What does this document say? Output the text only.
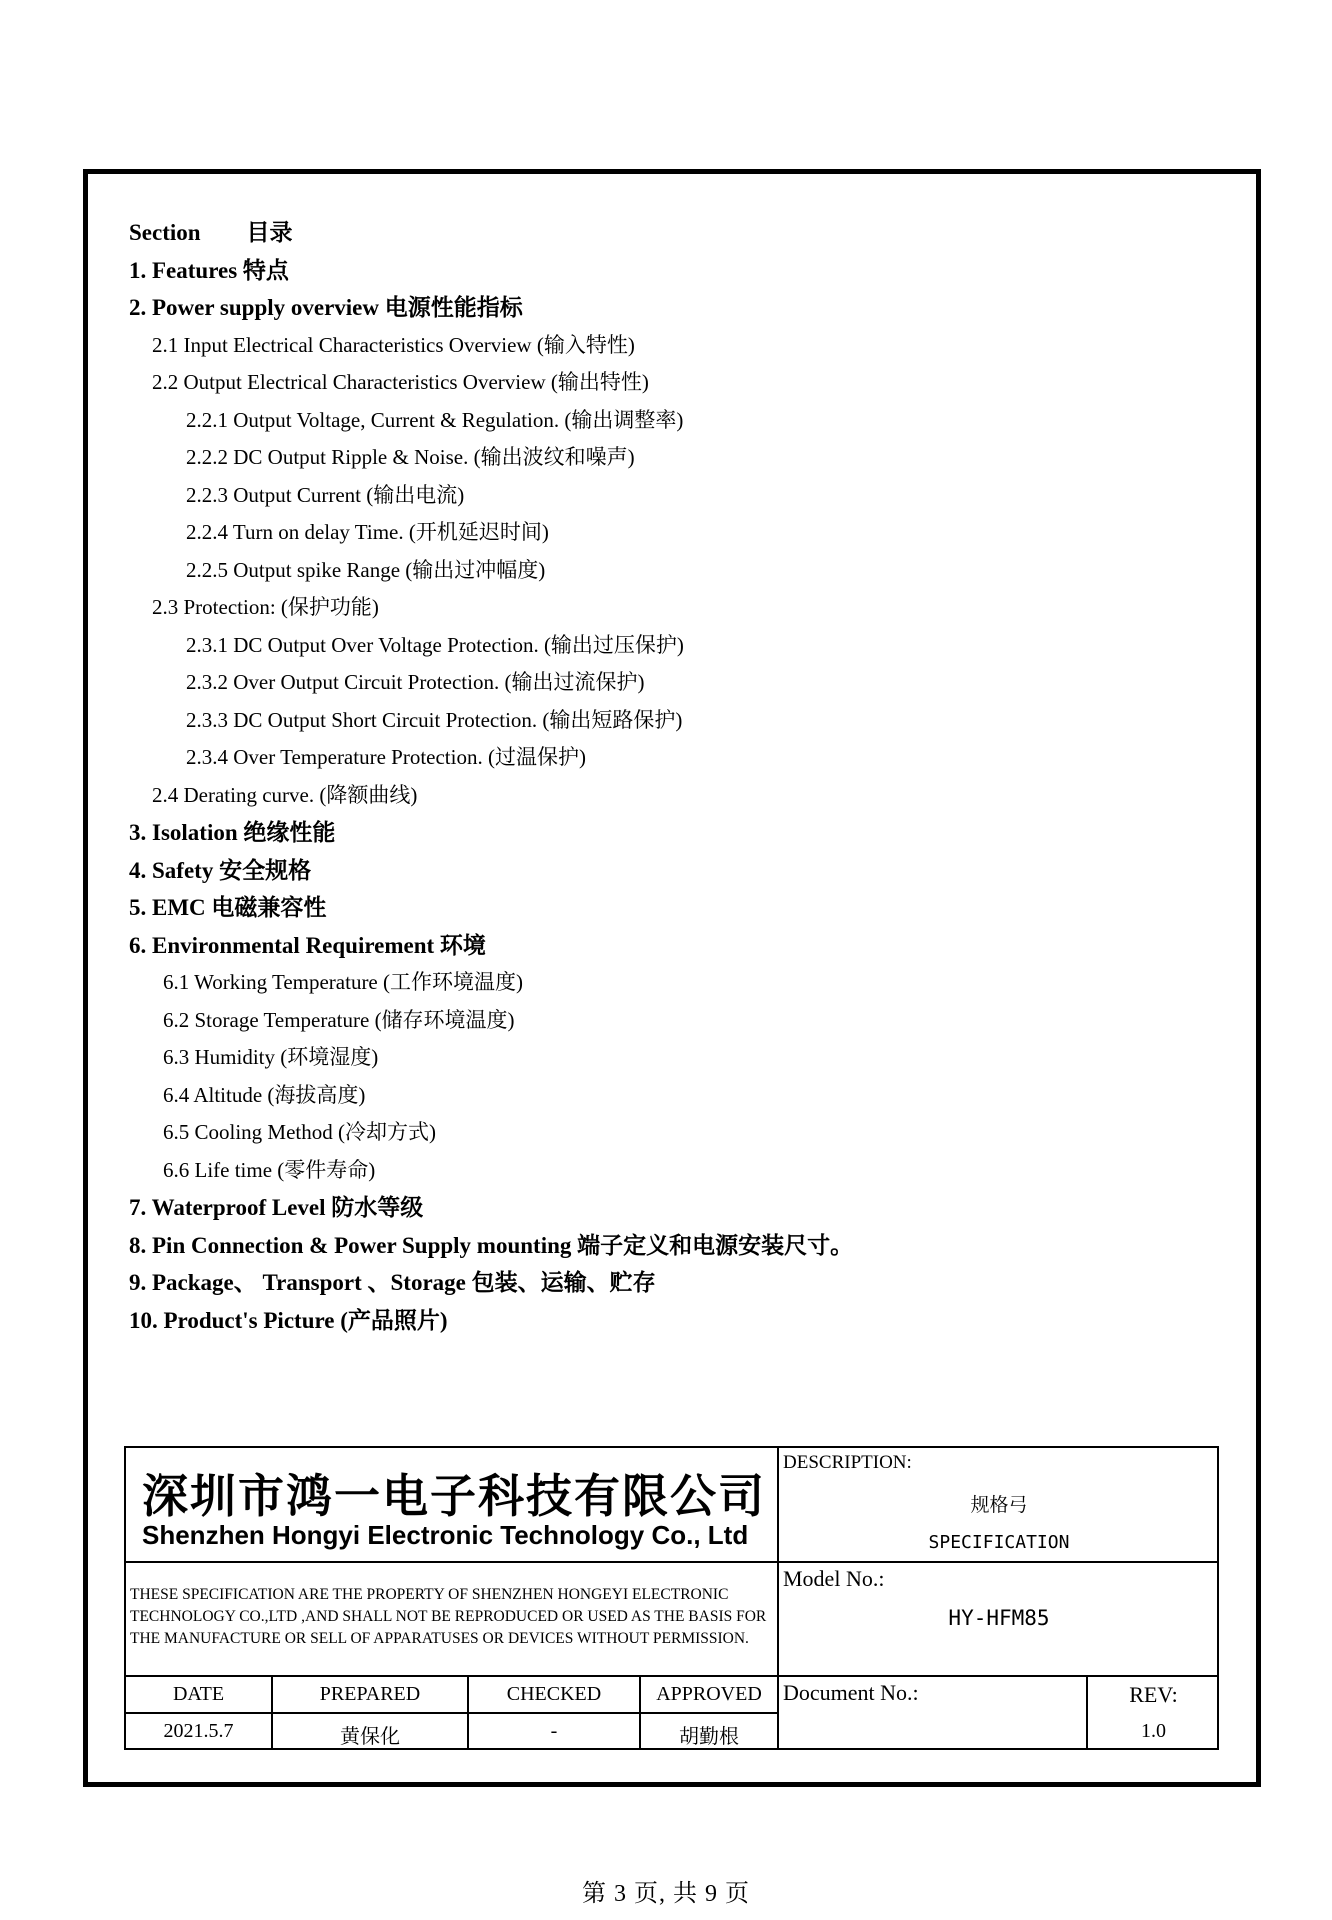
Section　　目录
1. Features 特点
2. Power supply overview 电源性能指标
2.1 Input Electrical Characteristics Overview (输入特性)
2.2 Output Electrical Characteristics Overview (输出特性)
2.2.1 Output Voltage, Current & Regulation. (输出调整率)
2.2.2 DC Output Ripple & Noise. (输出波纹和噪声)
2.2.3 Output Current (输出电流)
2.2.4 Turn on delay Time. (开机延迟时间)
2.2.5 Output spike Range (输出过冲幅度)
2.3 Protection: (保护功能)
2.3.1 DC Output Over Voltage Protection. (输出过压保护)
2.3.2 Over Output Circuit Protection. (输出过流保护)
2.3.3 DC Output Short Circuit Protection. (输出短路保护)
2.3.4 Over Temperature Protection. (过温保护)
2.4 Derating curve. (降额曲线)
3. Isolation 绝缘性能
4. Safety 安全规格
5. EMC 电磁兼容性
6. Environmental Requirement 环境
6.1 Working Temperature (工作环境温度)
6.2 Storage Temperature (储存环境温度)
6.3 Humidity (环境湿度)
6.4 Altitude (海拔高度)
6.5 Cooling Method (冷却方式)
6.6 Life time (零件寿命)
7. Waterproof Level 防水等级
8. Pin Connection & Power Supply mounting 端子定义和电源安装尺寸。
9. Package、 Transport 、Storage 包装、运输、贮存
10. Product's Picture (产品照片)
深圳市鸿一电子科技有限公司
Shenzhen Hongyi Electronic Technology Co., Ltd
DESCRIPTION:
规格弓
SPECIFICATION
THESE SPECIFICATION ARE THE PROPERTY OF SHENZHEN HONGEYI ELECTRONIC TECHNOLOGY CO.,LTD ,AND SHALL NOT BE REPRODUCED OR USED AS THE BASIS FOR THE MANUFACTURE OR SELL OF APPARATUSES OR DEVICES WITHOUT PERMISSION.
Model No.:
HY-HFM85
DATE	PREPARED	CHECKED	APPROVED
2021.5.7	黄保化	-	胡勤根
Document No.:	REV:
1.0
第 3 页, 共 9 页
